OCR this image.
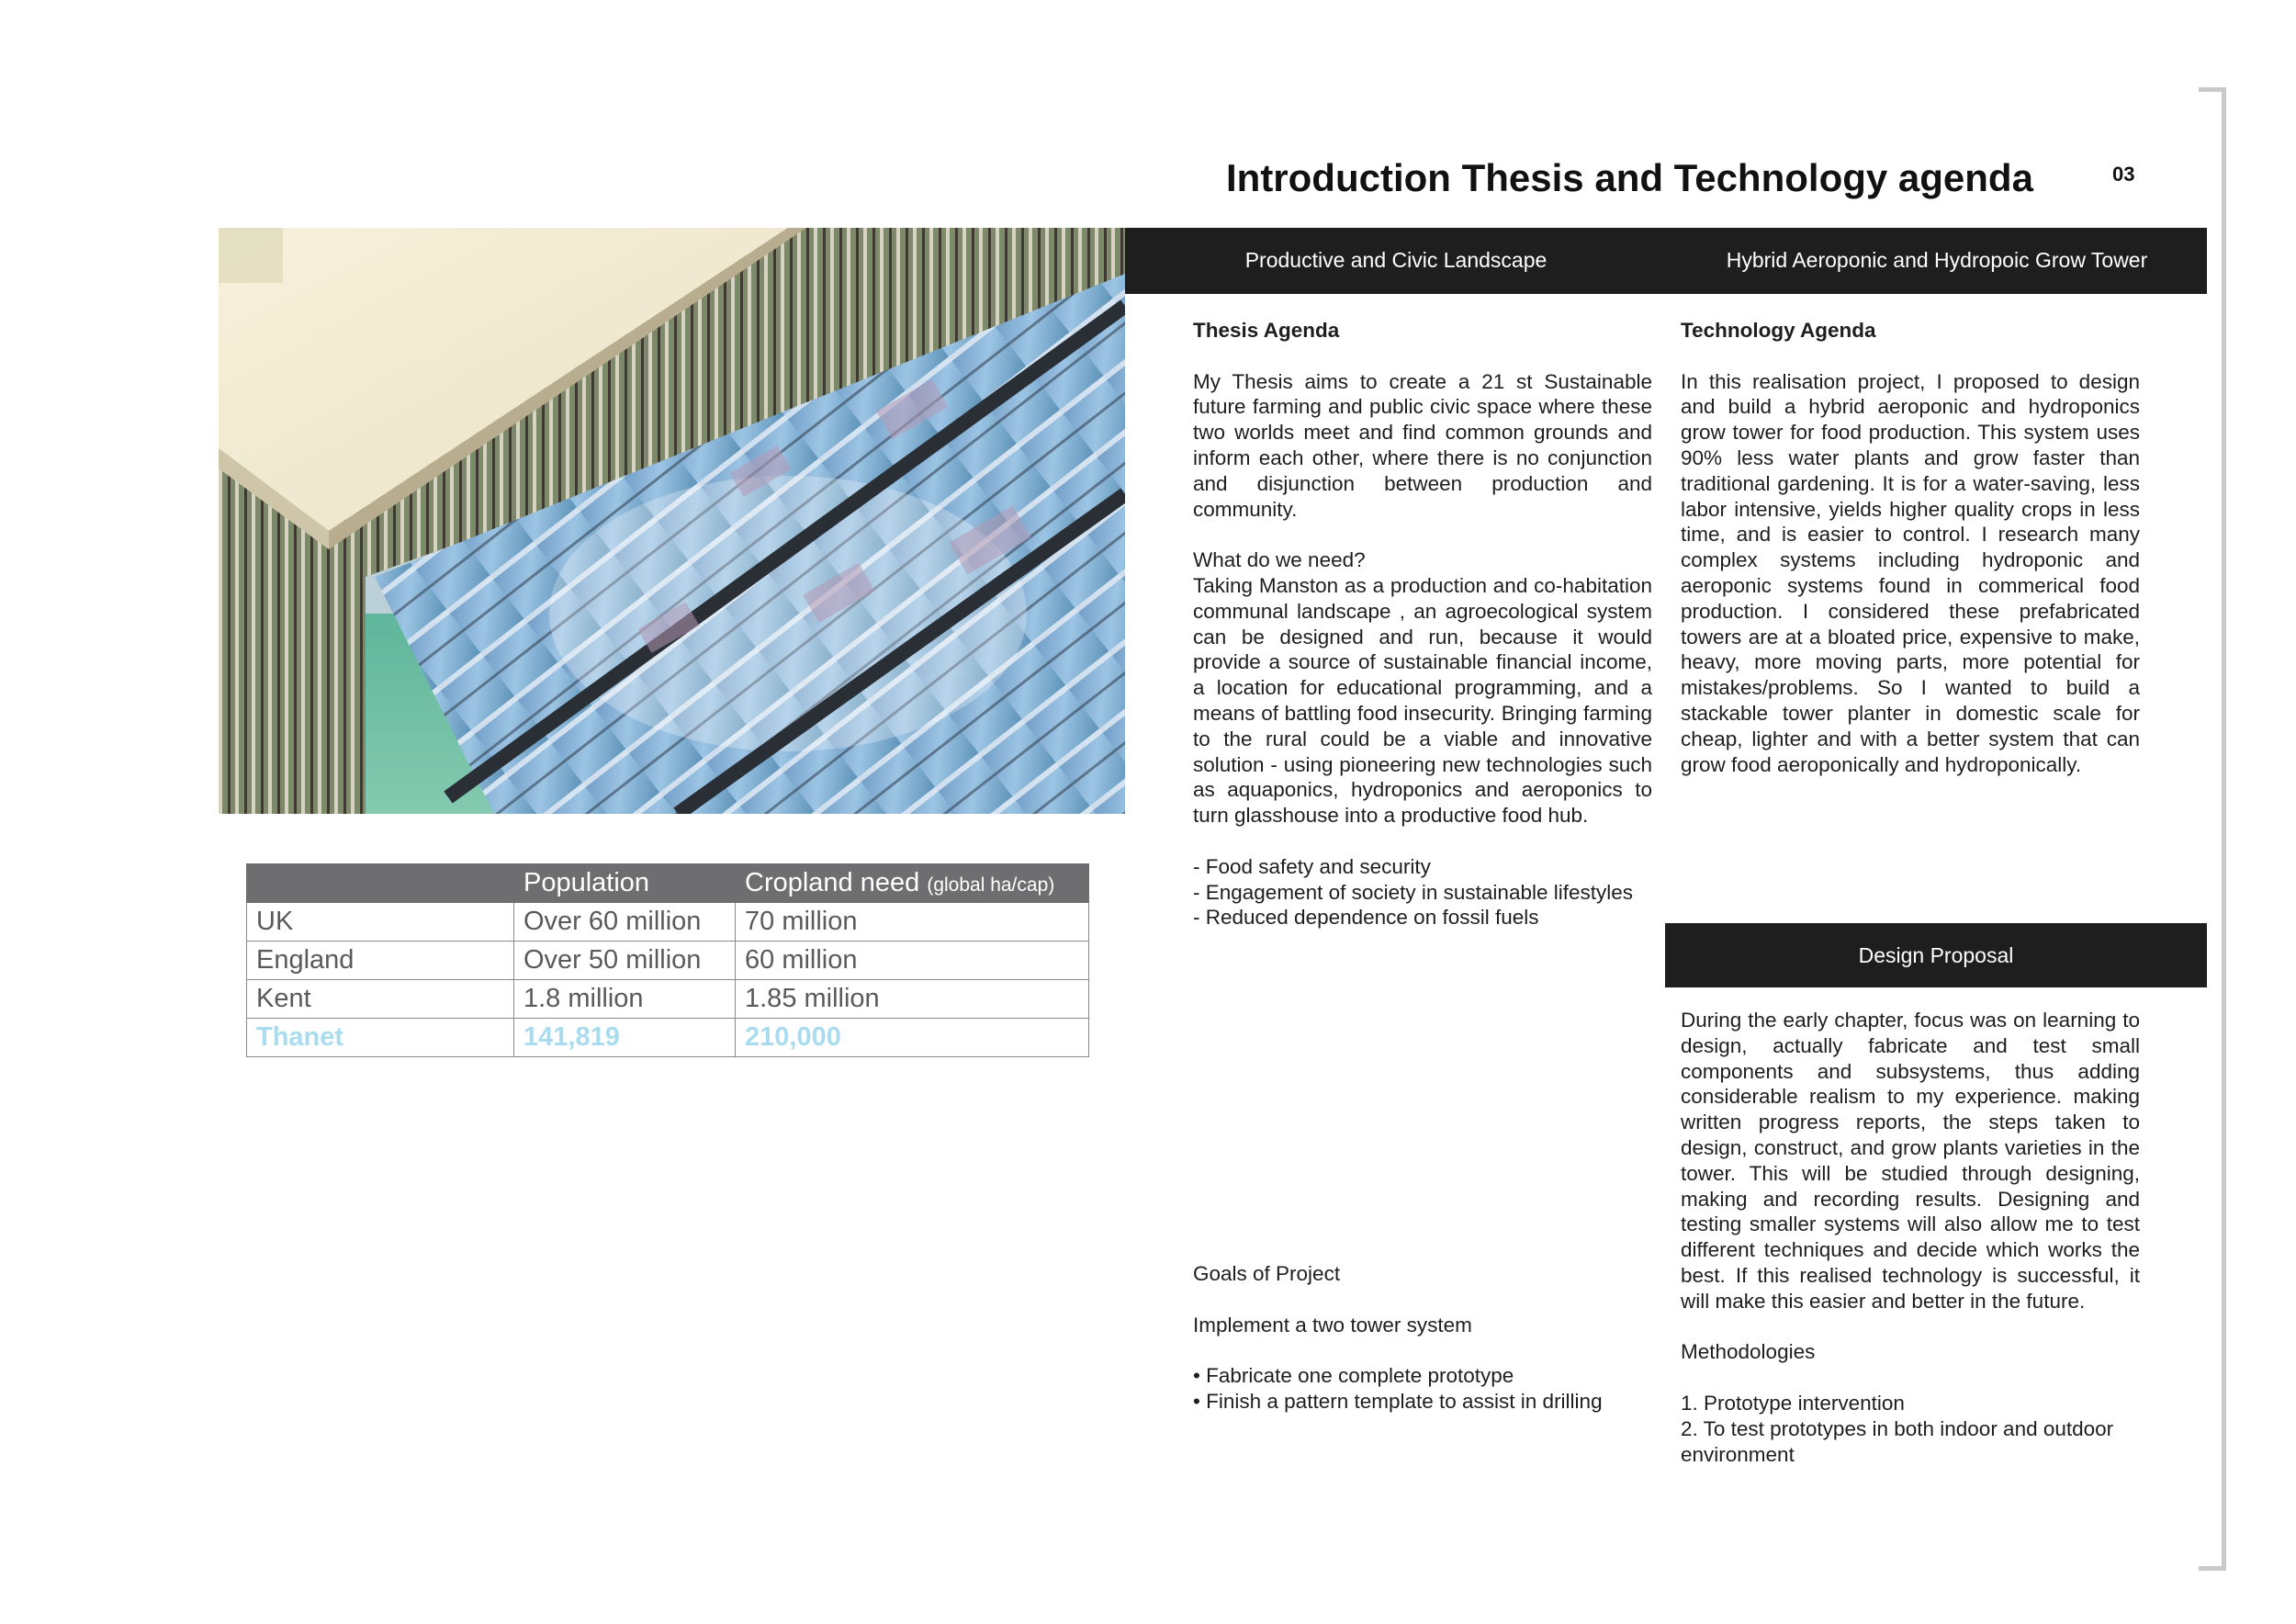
Introduction Thesis and Technology agenda	03
	Population	Cropland need (global ha/cap)
UK	Over 60 million	70 million
England	Over 50 million	60 million
Kent	1.8 million	1.85 million
Thanet	141,819	210,000
Productive and Civic Landscape	Hybrid Aeroponic and Hydropoic Grow Tower

Thesis Agenda

My Thesis aims to create a 21 st Sustainable future farming and public civic space where these two worlds meet and find common grounds and inform each other, where there is no conjunction and disjunction between production and community.

What do we need?

Taking Manston as a production and co-habitation communal landscape , an agroecological system can be designed and run, because it would provide a source of sustainable financial income, a location for educational programming, and a means of battling food insecurity. Bringing farming to the rural could be a viable and innovative solution - using pioneering new technologies such as aquaponics, hydroponics and aeroponics to turn glasshouse into a productive food hub.

- Food safety and security
- Engagement of society in sustainable lifestyles
- Reduced dependence on fossil fuels

Goals of Project

Implement a two tower system

• Fabricate one complete prototype
• Finish a pattern template to assist in drilling

Technology Agenda

In this realisation project, I proposed to design and build a hybrid aeroponic and hydroponics grow tower for food production. This system uses 90% less water plants and grow faster than traditional gardening. It is for a water-saving, less labor intensive, yields higher quality crops in less time, and is easier to control. I research many complex systems including hydroponic and aeroponic systems found in commerical food production. I considered these prefabricated towers are at a bloated price, expensive to make, heavy, more moving parts, more potential for mistakes/problems. So I wanted to build a stackable tower planter in domestic scale for cheap, lighter and with a better system that can grow food aeroponically and hydroponically.

Design Proposal

During the early chapter, focus was on learning to design, actually fabricate and test small components and subsystems, thus adding considerable realism to my experience. making written progress reports, the steps taken to design, construct, and grow plants varieties in the tower. This will be studied through designing, making and recording results. Designing and testing smaller systems will also allow me to test different techniques and decide which works the best. If this realised technology is successful, it will make this easier and better in the future.

Methodologies

1. Prototype intervention
2. To test prototypes in both indoor and outdoor environment
